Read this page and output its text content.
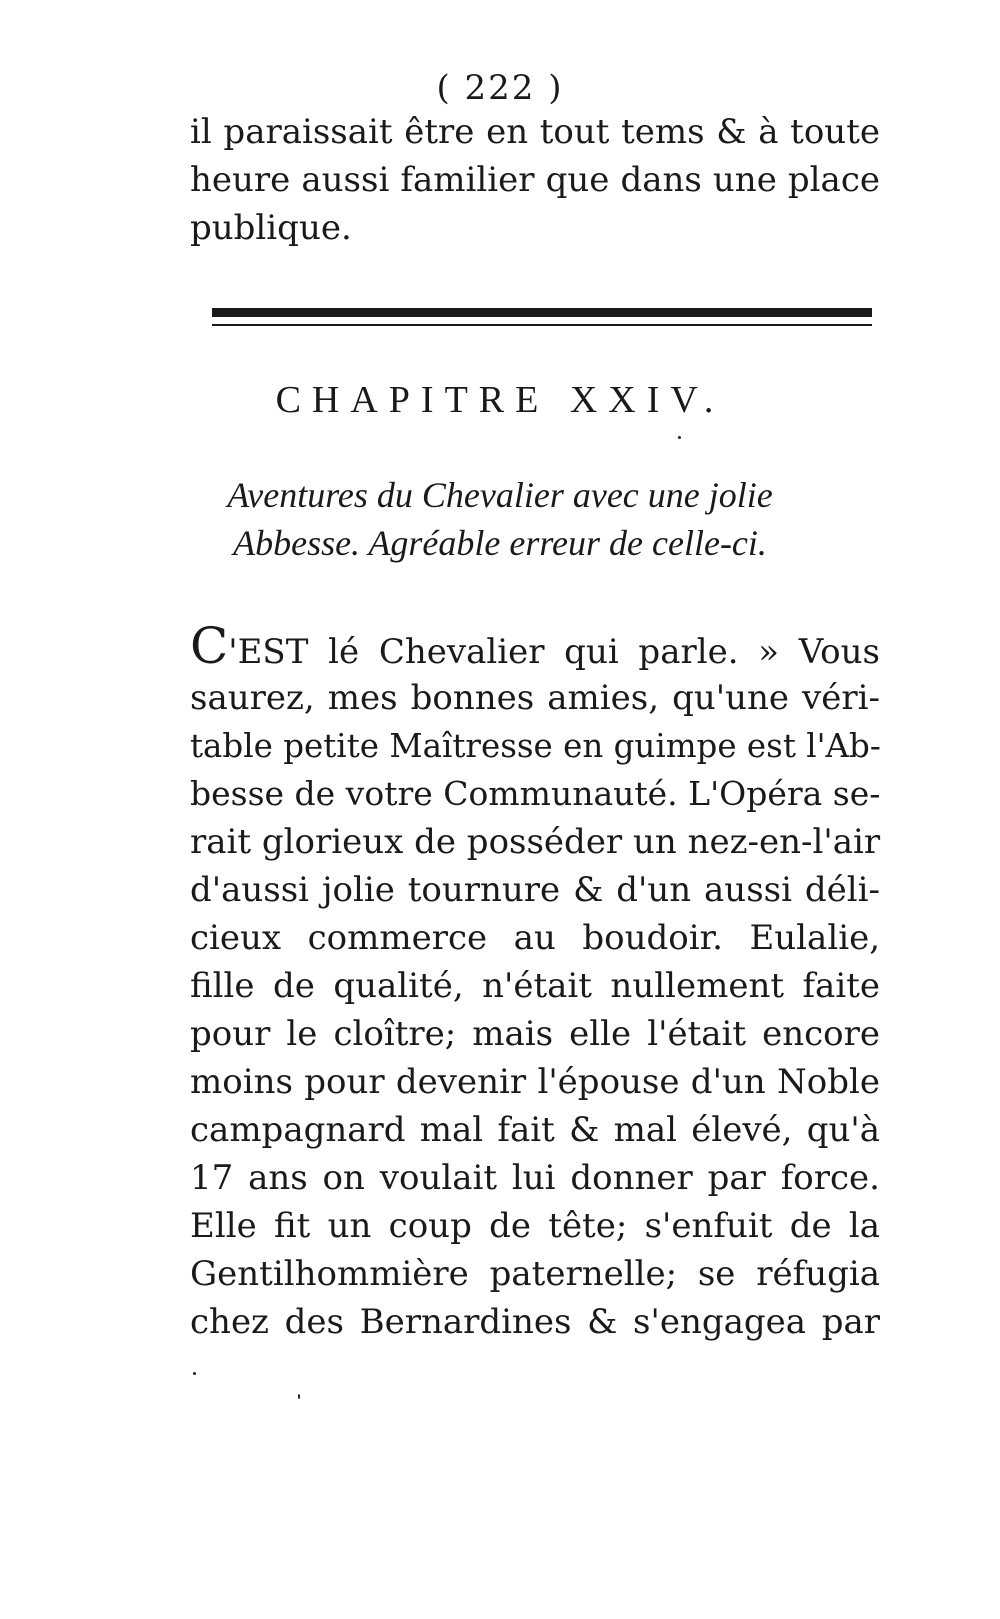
( 222 )
il paraissait être en tout tems & à toute
heure aussi familier que dans une place
publique.
CHAPITRE XXIV.
Aventures du Chevalier avec une jolie
Abbesse. Agréable erreur de celle-ci.
C'EST lé Chevalier qui parle. » Vous
saurez, mes bonnes amies, qu'une véri-
table petite Maîtresse en guimpe est l'Ab-
besse de votre Communauté. L'Opéra se-
rait glorieux de posséder un nez-en-l'air
d'aussi jolie tournure & d'un aussi déli-
cieux commerce au boudoir. Eulalie,
fille de qualité, n'était nullement faite
pour le cloître; mais elle l'était encore
moins pour devenir l'épouse d'un Noble
campagnard mal fait & mal élevé, qu'à
17 ans on voulait lui donner par force.
Elle fit un coup de tête; s'enfuit de la
Gentilhommière paternelle; se réfugia
chez des Bernardines & s'engagea par
